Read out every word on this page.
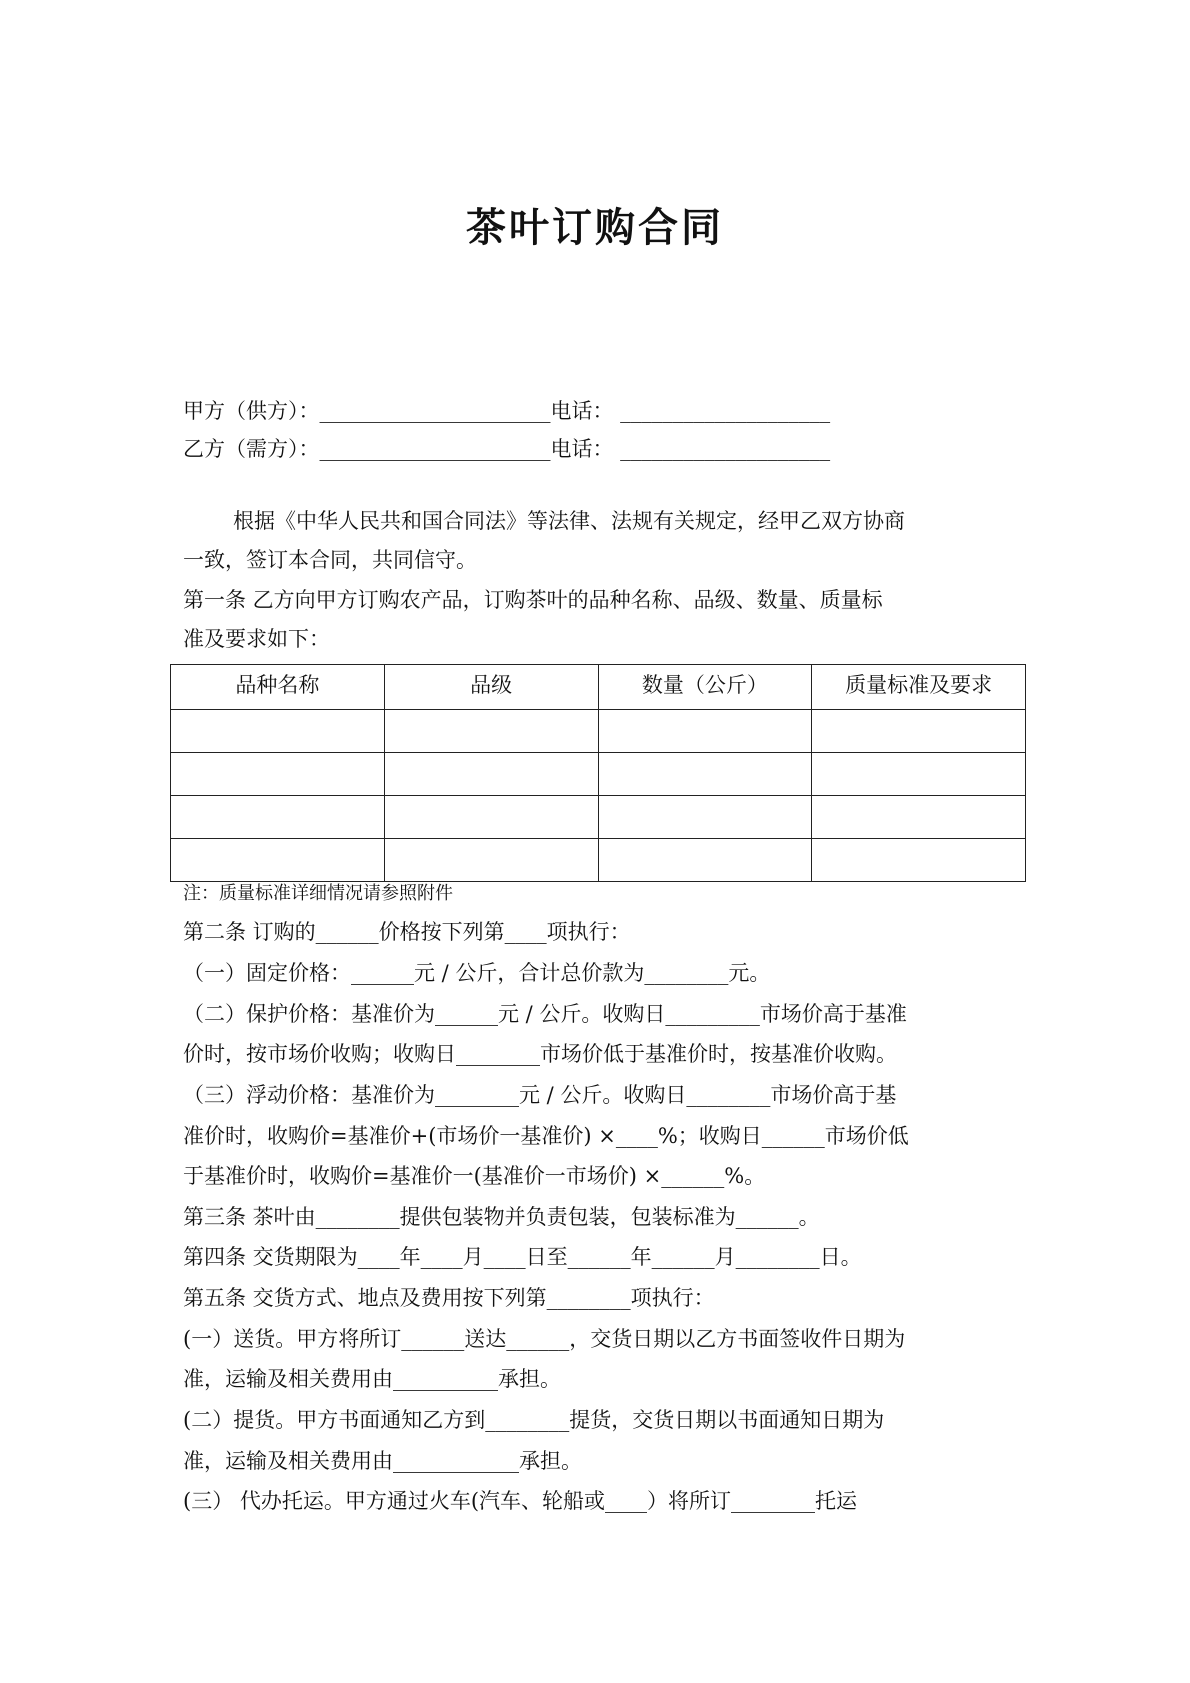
茶叶订购合同
甲方（供方）：______________________电话： ____________________
乙方（需方）：______________________电话： ____________________
根据《中华人民共和国合同法》等法律、法规有关规定，经甲乙双方协商
一致，签订本合同，共同信守。
第一条 乙方向甲方订购农产品，订购茶叶的品种名称、品级、数量、质量标
准及要求如下：
品种名称	品级	数量（公斤）	质量标准及要求

注：质量标准详细情况请参照附件
第二条 订购的______价格按下列第____项执行：
（一）固定价格：______元 / 公斤，合计总价款为________元。
（二）保护价格：基准价为______元 / 公斤。收购日_________市场价高于基准
价时，按市场价收购；收购日________市场价低于基准价时，按基准价收购。
（三）浮动价格：基准价为________元 / 公斤。收购日________市场价高于基
准价时，收购价=基准价+(市场价一基准价) ×____%；收购日______市场价低
于基准价时，收购价=基准价一(基准价一市场价) ×______%。
第三条 茶叶由________提供包装物并负责包装，包装标准为______。
第四条 交货期限为____年____月____日至______年______月________日。
第五条 交货方式、地点及费用按下列第________项执行：
(一）送货。甲方将所订______送达______，交货日期以乙方书面签收件日期为
准，运输及相关费用由__________承担。
(二）提货。甲方书面通知乙方到________提货，交货日期以书面通知日期为
准，运输及相关费用由____________承担。
(三） 代办托运。甲方通过火车(汽车、轮船或____）将所订________托运
